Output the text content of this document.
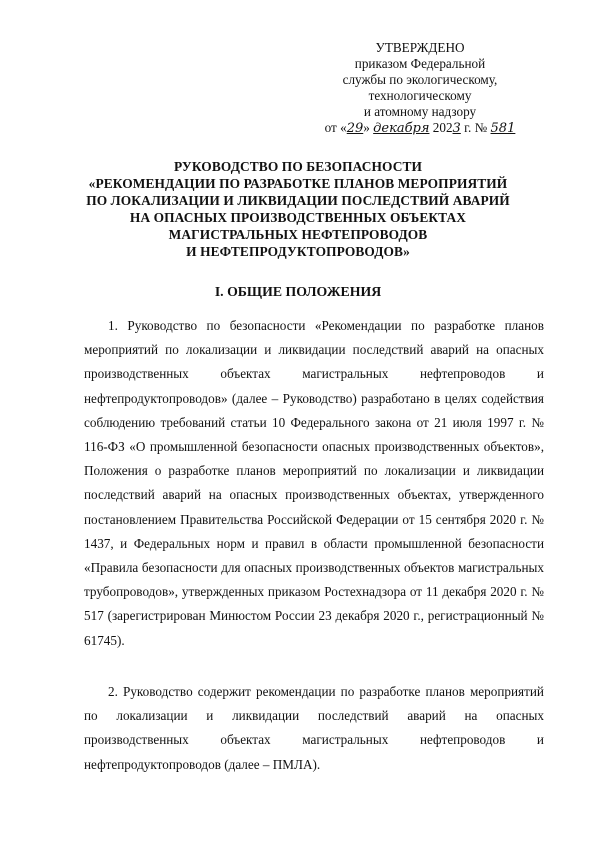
УТВЕРЖДЕНО
приказом Федеральной
службы по экологическому,
технологическому
и атомному надзору
от «29» декабря 2023 г. № 581
РУКОВОДСТВО ПО БЕЗОПАСНОСТИ
«РЕКОМЕНДАЦИИ ПО РАЗРАБОТКЕ ПЛАНОВ МЕРОПРИЯТИЙ
ПО ЛОКАЛИЗАЦИИ И ЛИКВИДАЦИИ ПОСЛЕДСТВИЙ АВАРИЙ
НА ОПАСНЫХ ПРОИЗВОДСТВЕННЫХ ОБЪЕКТАХ
МАГИСТРАЛЬНЫХ НЕФТЕПРОВОДОВ
И НЕФТЕПРОДУКТОПРОВОДОВ»
I. ОБЩИЕ ПОЛОЖЕНИЯ
1. Руководство по безопасности «Рекомендации по разработке планов мероприятий по локализации и ликвидации последствий аварий на опасных производственных объектах магистральных нефтепроводов и нефтепродуктопроводов» (далее – Руководство) разработано в целях содействия соблюдению требований статьи 10 Федерального закона от 21 июля 1997 г. № 116-ФЗ «О промышленной безопасности опасных производственных объектов», Положения о разработке планов мероприятий по локализации и ликвидации последствий аварий на опасных производственных объектах, утвержденного постановлением Правительства Российской Федерации от 15 сентября 2020 г. № 1437, и Федеральных норм и правил в области промышленной безопасности «Правила безопасности для опасных производственных объектов магистральных трубопроводов», утвержденных приказом Ростехнадзора от 11 декабря 2020 г. № 517 (зарегистрирован Минюстом России 23 декабря 2020 г., регистрационный № 61745).
2. Руководство содержит рекомендации по разработке планов мероприятий по локализации и ликвидации последствий аварий на опасных производственных объектах магистральных нефтепроводов и нефтепродуктопроводов (далее – ПМЛА).
